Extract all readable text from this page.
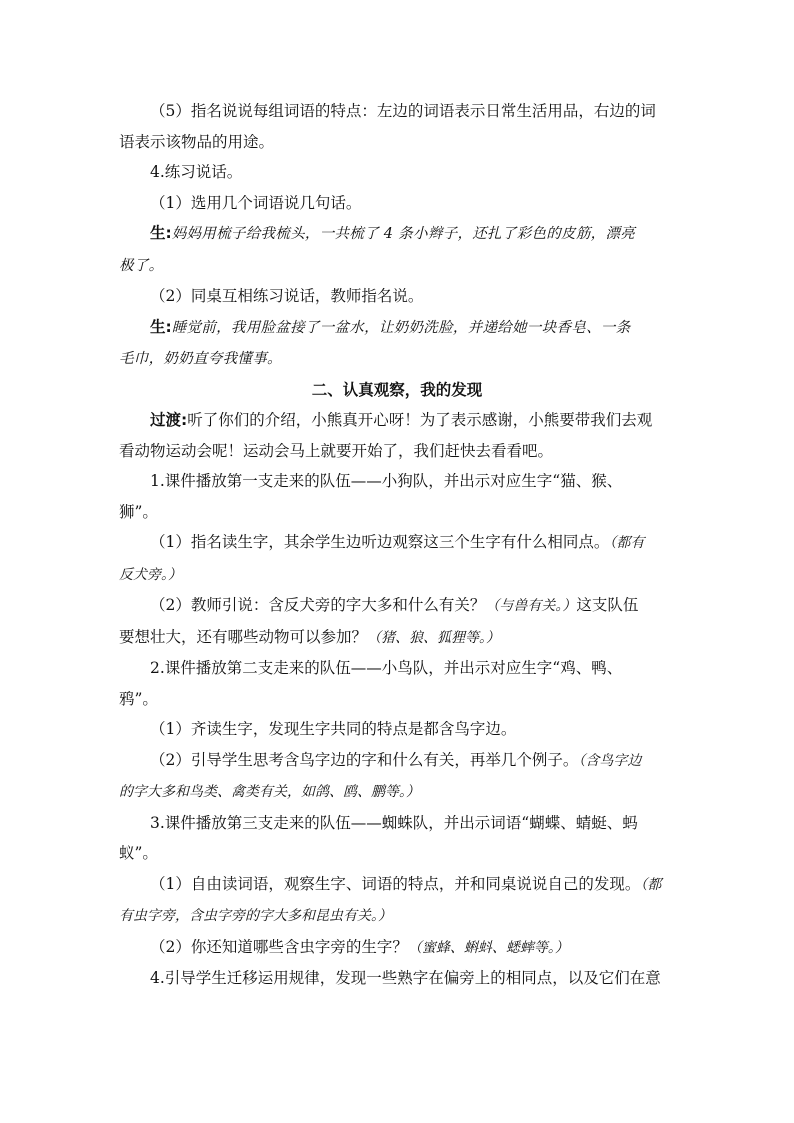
（5）指名说说每组词语的特点：左边的词语表示日常生活用品，右边的词
语表示该物品的用途。

4.练习说话。

（1）选用几个词语说几句话。

生:妈妈用梳子给我梳头，一共梳了 4 条小辫子，还扎了彩色的皮筋，漂亮
极了。

（2）同桌互相练习说话，教师指名说。

生:睡觉前，我用脸盆接了一盆水，让奶奶洗脸，并递给她一块香皂、一条
毛巾，奶奶直夸我懂事。

二、认真观察，我的发现

过渡:听了你们的介绍，小熊真开心呀！为了表示感谢，小熊要带我们去观
看动物运动会呢！运动会马上就要开始了，我们赶快去看看吧。

1.课件播放第一支走来的队伍——小狗队，并出示对应生字“猫、猴、
狮”。

（1）指名读生字，其余学生边听边观察这三个生字有什么相同点。（都有
反犬旁。）

（2）教师引说：含反犬旁的字大多和什么有关？（与兽有关。）这支队伍
要想壮大，还有哪些动物可以参加？（猪、狼、狐狸等。）

2.课件播放第二支走来的队伍——小鸟队，并出示对应生字“鸡、鸭、
鸦”。

（1）齐读生字，发现生字共同的特点是都含鸟字边。

（2）引导学生思考含鸟字边的字和什么有关，再举几个例子。（含鸟字边
的字大多和鸟类、禽类有关，如鸽、鸥、鹏等。）

3.课件播放第三支走来的队伍——蜘蛛队，并出示词语“蝴蝶、蜻蜓、蚂
蚁”。

（1）自由读词语，观察生字、词语的特点，并和同桌说说自己的发现。（都
有虫字旁，含虫字旁的字大多和昆虫有关。）

（2）你还知道哪些含虫字旁的生字？（蜜蜂、蝌蚪、蟋蟀等。）

4.引导学生迁移运用规律，发现一些熟字在偏旁上的相同点，以及它们在意
